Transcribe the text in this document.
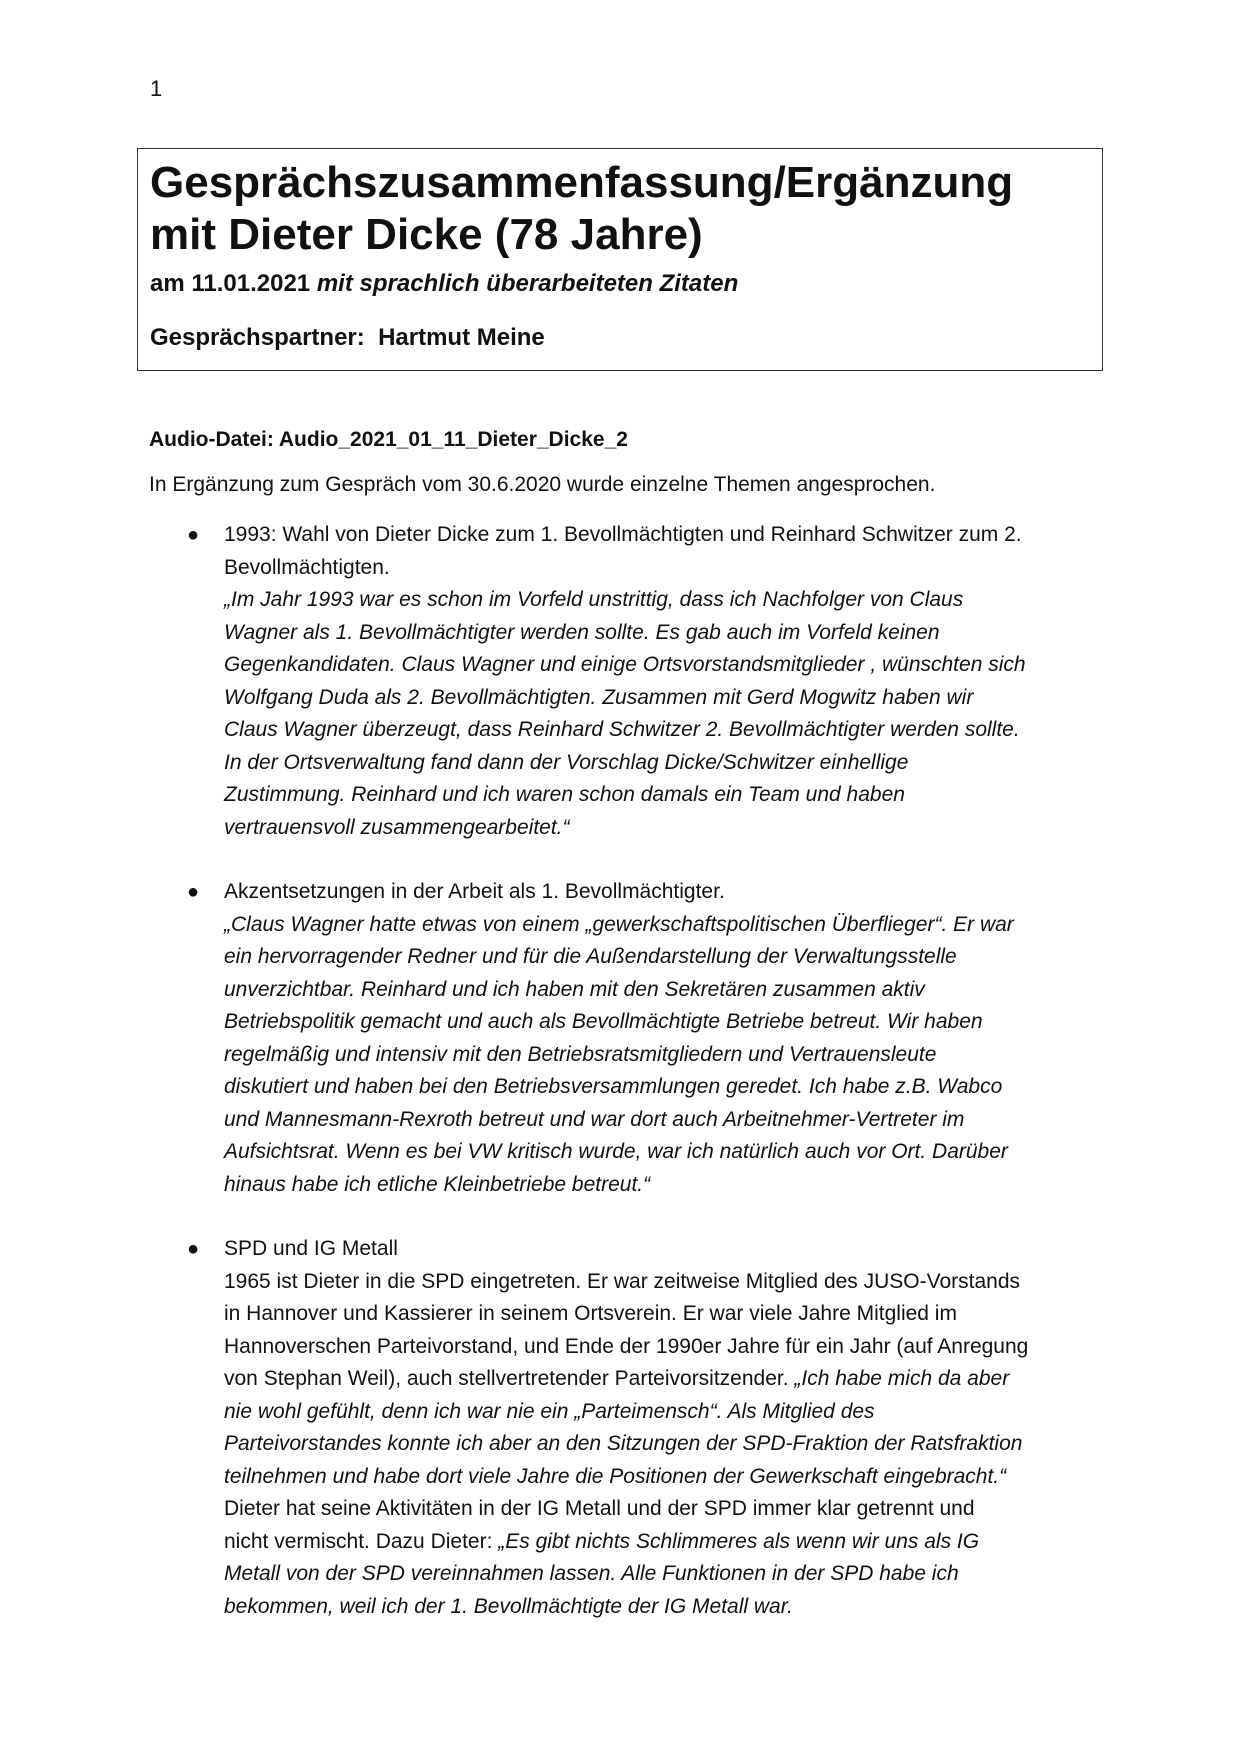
1
Gesprächszusammenfassung/Ergänzung
mit Dieter Dicke (78 Jahre)
am 11.01.2021 mit sprachlich überarbeiteten Zitaten
Gesprächspartner:  Hartmut Meine

Audio-Datei: Audio_2021_01_11_Dieter_Dicke_2

In Ergänzung zum Gespräch vom 30.6.2020 wurde einzelne Themen angesprochen.

● 1993: Wahl von Dieter Dicke zum 1. Bevollmächtigten und Reinhard Schwitzer zum 2.
Bevollmächtigten.
„Im Jahr 1993 war es schon im Vorfeld unstrittig, dass ich Nachfolger von Claus
Wagner als 1. Bevollmächtigter werden sollte. Es gab auch im Vorfeld keinen
Gegenkandidaten. Claus Wagner und einige Ortsvorstandsmitglieder , wünschten sich
Wolfgang Duda als 2. Bevollmächtigten. Zusammen mit Gerd Mogwitz haben wir
Claus Wagner überzeugt, dass Reinhard Schwitzer 2. Bevollmächtigter werden sollte.
In der Ortsverwaltung fand dann der Vorschlag Dicke/Schwitzer einhellige
Zustimmung. Reinhard und ich waren schon damals ein Team und haben
vertrauensvoll zusammengearbeitet.“
● Akzentsetzungen in der Arbeit als 1. Bevollmächtigter.
„Claus Wagner hatte etwas von einem „gewerkschaftspolitischen Überflieger“. Er war
ein hervorragender Redner und für die Außendarstellung der Verwaltungsstelle
unverzichtbar. Reinhard und ich haben mit den Sekretären zusammen aktiv
Betriebspolitik gemacht und auch als Bevollmächtigte Betriebe betreut. Wir haben
regelmäßig und intensiv mit den Betriebsratsmitgliedern und Vertrauensleute
diskutiert und haben bei den Betriebsversammlungen geredet. Ich habe z.B. Wabco
und Mannesmann-Rexroth betreut und war dort auch Arbeitnehmer-Vertreter im
Aufsichtsrat. Wenn es bei VW kritisch wurde, war ich natürlich auch vor Ort. Darüber
hinaus habe ich etliche Kleinbetriebe betreut.“
● SPD und IG Metall
1965 ist Dieter in die SPD eingetreten. Er war zeitweise Mitglied des JUSO-Vorstands
in Hannover und Kassierer in seinem Ortsverein. Er war viele Jahre Mitglied im
Hannoverschen Parteivorstand, und Ende der 1990er Jahre für ein Jahr (auf Anregung
von Stephan Weil), auch stellvertretender Parteivorsitzender. „Ich habe mich da aber
nie wohl gefühlt, denn ich war nie ein „Parteimensch“. Als Mitglied des
Parteivorstandes konnte ich aber an den Sitzungen der SPD-Fraktion der Ratsfraktion
teilnehmen und habe dort viele Jahre die Positionen der Gewerkschaft eingebracht.“
Dieter hat seine Aktivitäten in der IG Metall und der SPD immer klar getrennt und
nicht vermischt. Dazu Dieter: „Es gibt nichts Schlimmeres als wenn wir uns als IG
Metall von der SPD vereinnahmen lassen. Alle Funktionen in der SPD habe ich
bekommen, weil ich der 1. Bevollmächtigte der IG Metall war.
